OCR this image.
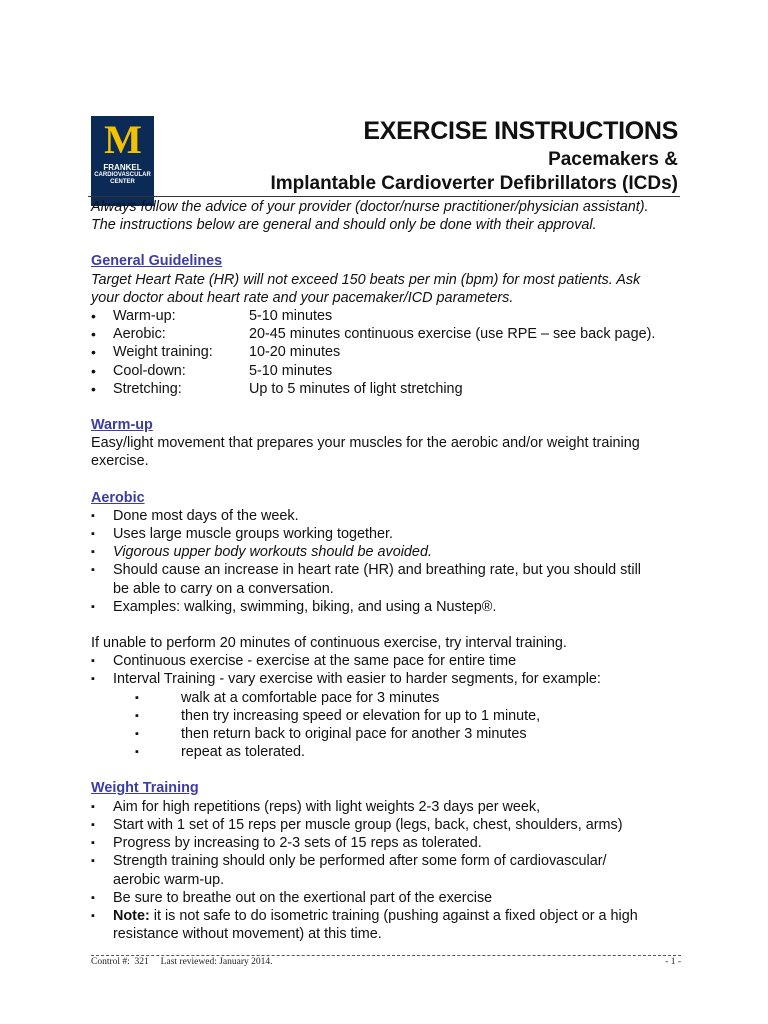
M
FRANKEL
CARDIOVASCULAR
CENTER
EXERCISE INSTRUCTIONS
Pacemakers &
Implantable Cardioverter Defibrillators (ICDs)

Always follow the advice of your provider (doctor/nurse practitioner/physician assistant).

The instructions below are general and should only be done with their approval.

General Guidelines

Target Heart Rate (HR) will not exceed 150 beats per min (bpm) for most patients. Ask

your doctor about heart rate and your pacemaker/ICD parameters.

•	Warm-up:	5-10 minutes
•	Aerobic:	20-45 minutes continuous exercise (use RPE – see back page).
•	Weight training:	10-20 minutes
•	Cool-down:	5-10 minutes
•	Stretching:	Up to 5 minutes of light stretching

Warm-up

Easy/light movement that prepares your muscles for the aerobic and/or weight training

exercise.

Aerobic

▪	Done most days of the week.
▪	Uses large muscle groups working together.
▪	Vigorous upper body workouts should be avoided.
▪	Should cause an increase in heart rate (HR) and breathing rate, but you should still
be able to carry on a conversation.
▪	Examples: walking, swimming, biking, and using a Nustep®.

If unable to perform 20 minutes of continuous exercise, try interval training.

▪	Continuous exercise - exercise at the same pace for entire time
▪	Interval Training - vary exercise with easier to harder segments, for example:
▪	walk at a comfortable pace for 3 minutes
▪	then try increasing speed or elevation for up to 1 minute,
▪	then return back to original pace for another 3 minutes
▪	repeat as tolerated.

Weight Training

▪	Aim for high repetitions (reps) with light weights 2-3 days per week,
▪	Start with 1 set of 15 reps per muscle group (legs, back, chest, shoulders, arms)
▪	Progress by increasing to 2-3 sets of 15 reps as tolerated.
▪	Strength training should only be performed after some form of cardiovascular/
aerobic warm-up.
▪	Be sure to breathe out on the exertional part of the exercise
▪	Note: it is not safe to do isometric training (pushing against a fixed object or a high
resistance without movement) at this time.
Control #:  321     Last reviewed: January 2014.	- 1 -
